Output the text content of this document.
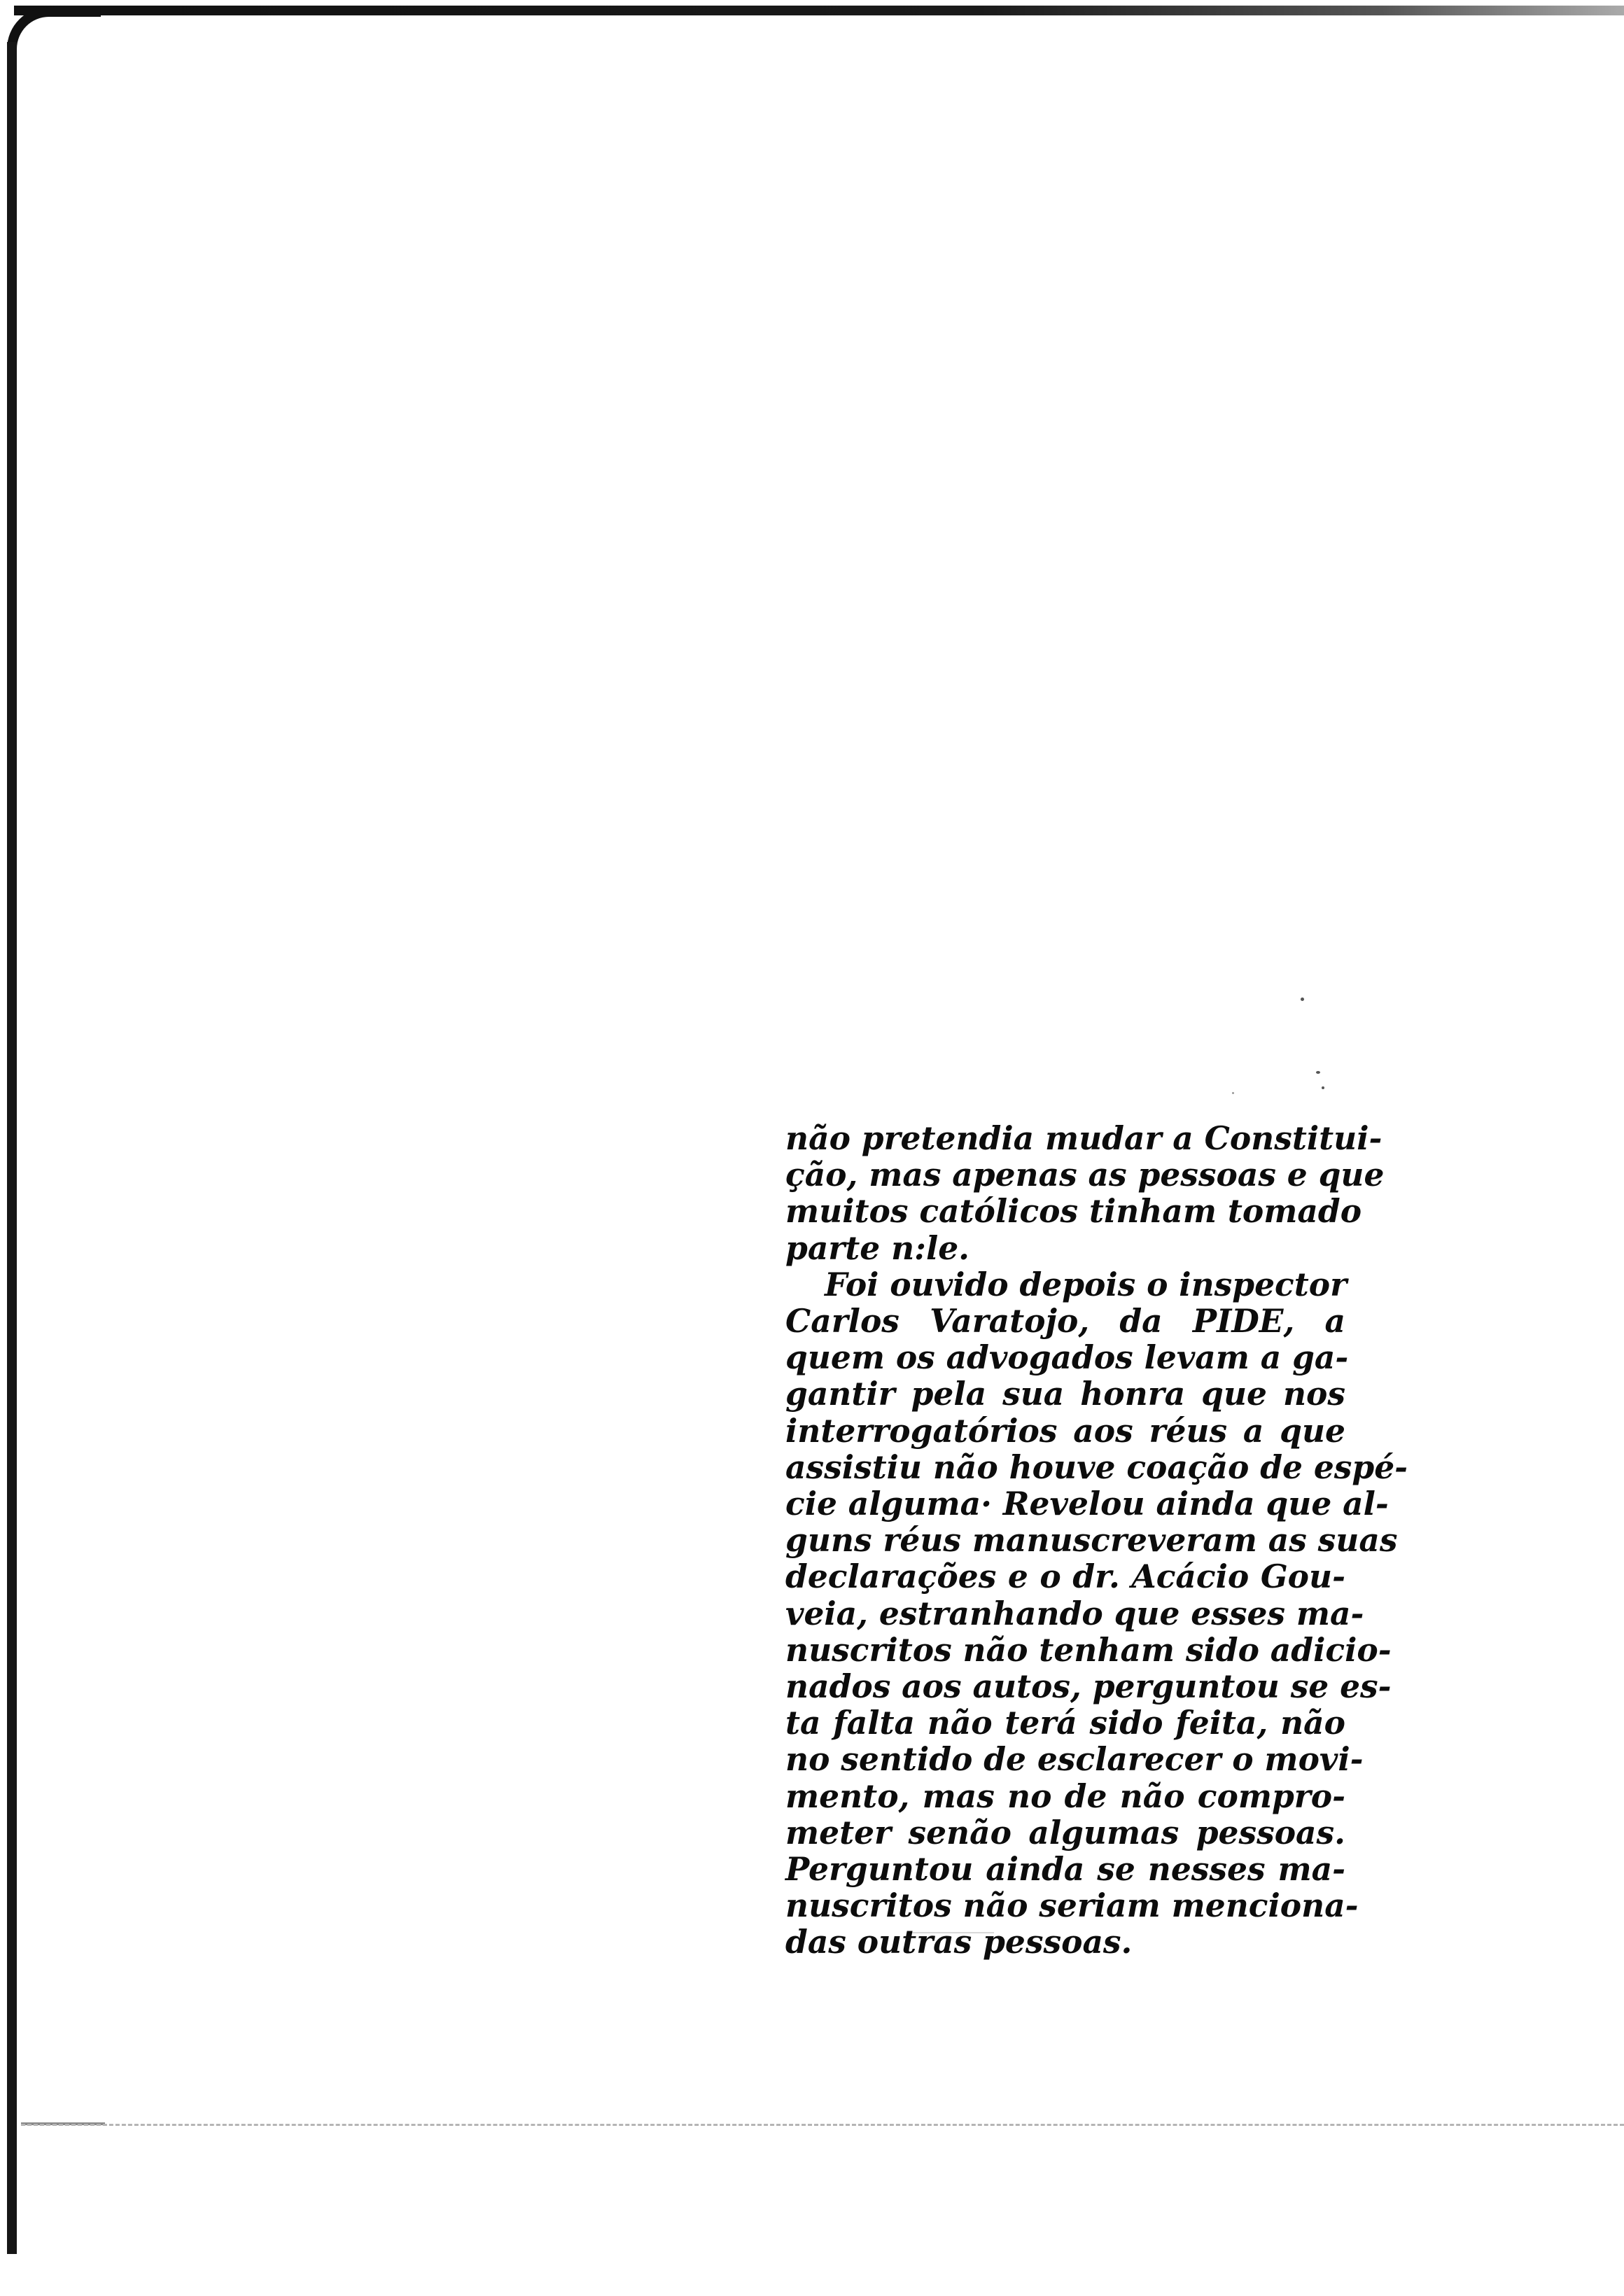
não pretendia mudar a Constitui-
ção, mas apenas as pessoas e que
muitos católicos tinham tomado
parte n:le.

Foi ouvido depois o inspector
Carlos Varatojo, da PIDE, a
quem os advogados levam a ga-
gantir pela sua honra que nos
interrogatórios aos réus a que
assistiu não houve coação de espé-
cie alguma· Revelou ainda que al-
guns réus manuscreveram as suas
declarações e o dr. Acácio Gou-
veia, estranhando que esses ma-
nuscritos não tenham sido adicio-
nados aos autos, perguntou se es-
ta falta não terá sido feita, não
no sentido de esclarecer o movi-
mento, mas no de não compro-
meter senão algumas pessoas.
Perguntou ainda se nesses ma-
nuscritos não seriam menciona-
das outras pessoas.
